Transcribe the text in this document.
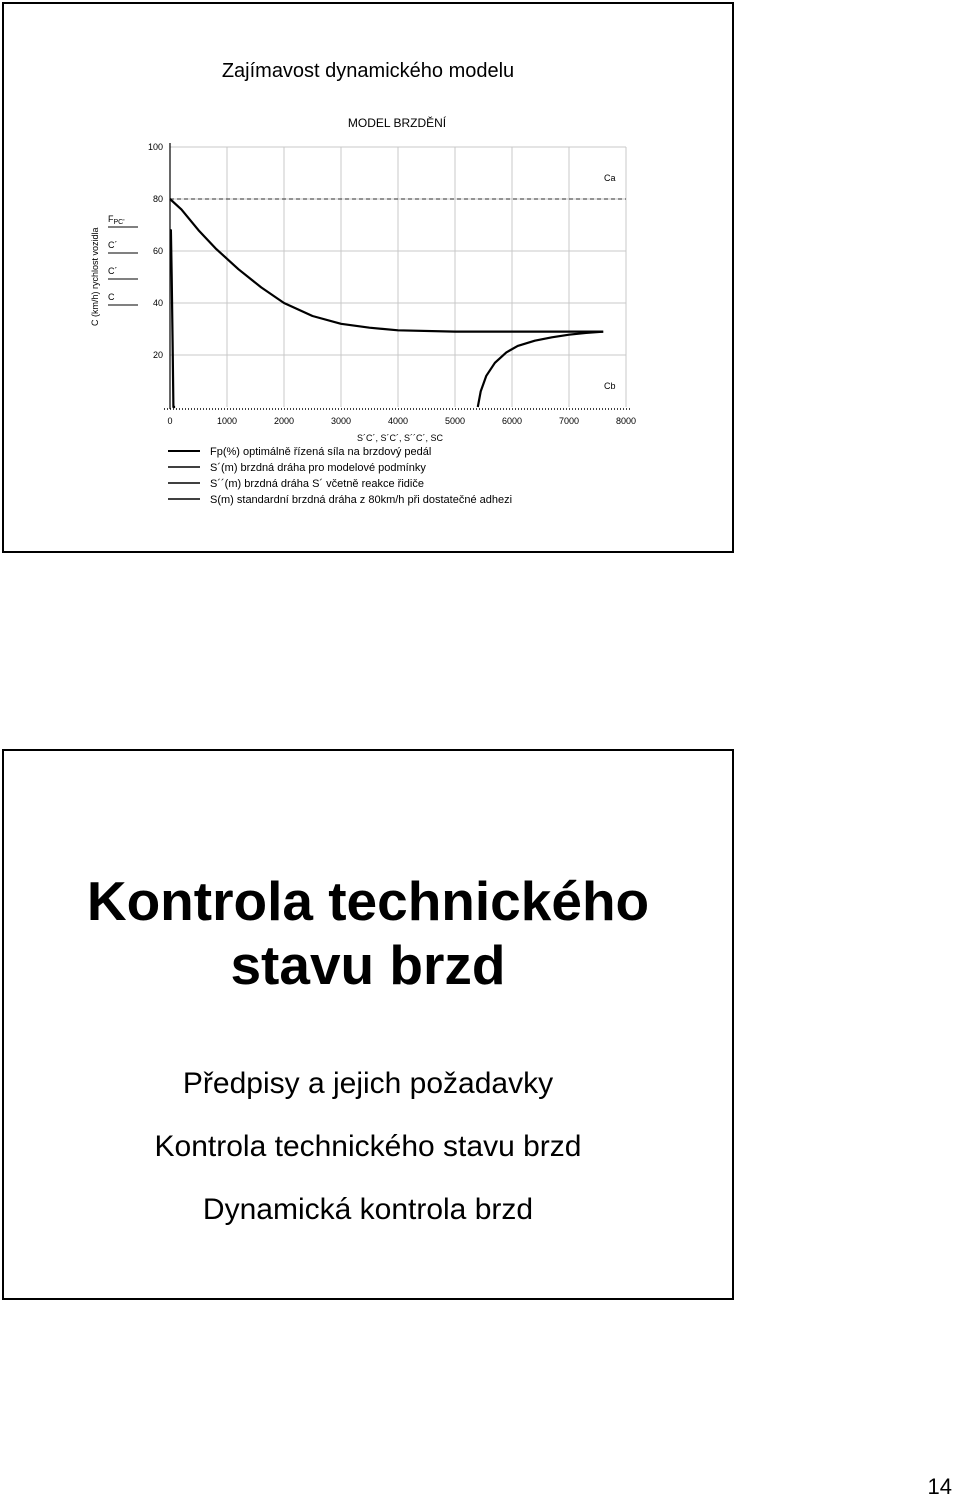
Zajímavost dynamického modelu
MODEL BRZDĚNÍ
C (km/h) rychlost vozidla
Ca
Cb
20
40
60
80
100
0	1000	2000	3000	4000	5000	6000	7000	8000
$F_{PC'}$
C´
C´
C
S´C´, S´C´, S´´C´, SC
Fp(%) optimálně řízená síla na brzdový pedál
S´(m) brzdná dráha pro modelové podmínky
S´´(m) brzdná dráha S´ včetně reakce řidiče
S(m) standardní brzdná dráha z 80km/h při dostatečné adhezi
Kontrola technického
stavu brzd
Předpisy a jejich požadavky
Kontrola technického stavu brzd
Dynamická kontrola brzd
14
